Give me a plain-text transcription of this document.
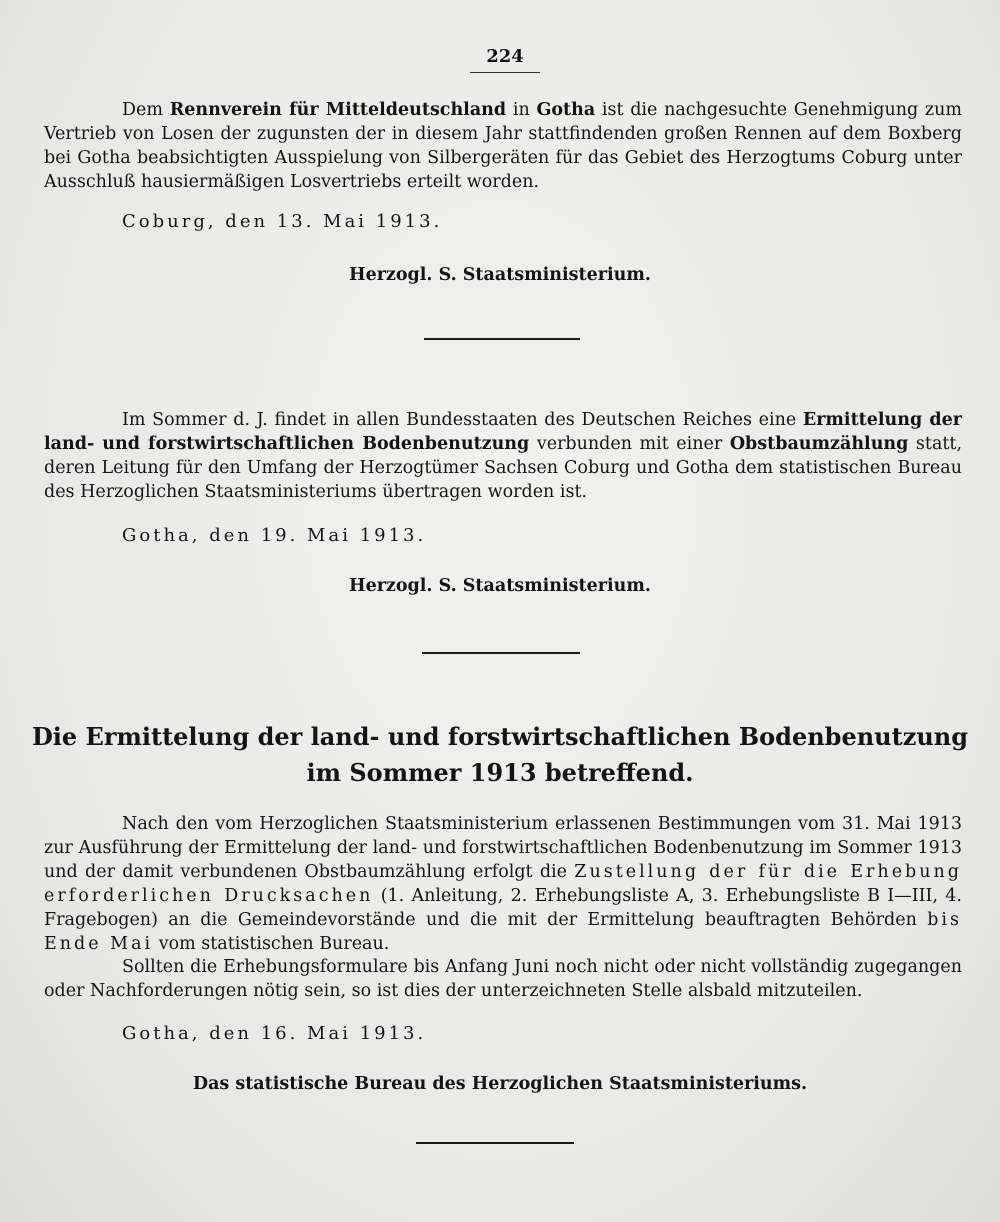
224
Dem Rennverein für Mitteldeutschland in Gotha ist die nachgesuchte Genehmigung zum Vertrieb von Losen der zugunsten der in diesem Jahr stattfindenden großen Rennen auf dem Boxberg bei Gotha beabsichtigten Ausspielung von Silbergeräten für das Gebiet des Herzogtums Coburg unter Ausschluß hausiermäßigen Losvertriebs erteilt worden.
Coburg, den 13. Mai 1913.
Herzogl. S. Staatsministerium.
Im Sommer d. J. findet in allen Bundesstaaten des Deutschen Reiches eine Ermittelung der land- und forstwirtschaftlichen Bodenbenutzung verbunden mit einer Obstbaumzählung statt, deren Leitung für den Umfang der Herzogtümer Sachsen Coburg und Gotha dem statistischen Bureau des Herzoglichen Staatsministeriums übertragen worden ist.
Gotha, den 19. Mai 1913.
Herzogl. S. Staatsministerium.
Die Ermittelung der land- und forstwirtschaftlichen Bodenbenutzung
im Sommer 1913 betreffend.
Nach den vom Herzoglichen Staatsministerium erlassenen Bestimmungen vom 31. Mai 1913 zur Ausführung der Ermittelung der land- und forstwirtschaftlichen Bodenbenutzung im Sommer 1913 und der damit verbundenen Obstbaumzählung erfolgt die Zustellung der für die Erhebung erforderlichen Drucksachen (1. Anleitung, 2. Erhebungsliste A, 3. Erhebungsliste B I—III, 4. Fragebogen) an die Gemeindevorstände und die mit der Ermittelung beauftragten Behörden bis Ende Mai vom statistischen Bureau.
Sollten die Erhebungsformulare bis Anfang Juni noch nicht oder nicht vollständig zugegangen oder Nachforderungen nötig sein, so ist dies der unterzeichneten Stelle alsbald mitzuteilen.
Gotha, den 16. Mai 1913.
Das statistische Bureau des Herzoglichen Staatsministeriums.
